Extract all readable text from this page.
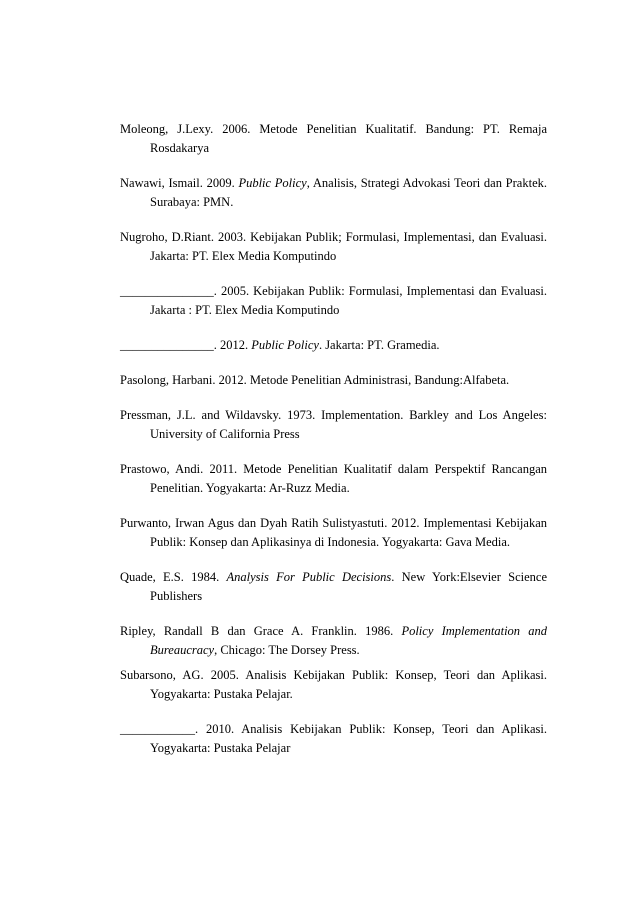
Moleong, J.Lexy. 2006. Metode Penelitian Kualitatif. Bandung: PT. Remaja Rosdakarya

Nawawi, Ismail. 2009. Public Policy, Analisis, Strategi Advokasi Teori dan Praktek. Surabaya: PMN.

Nugroho, D.Riant. 2003. Kebijakan Publik; Formulasi, Implementasi, dan Evaluasi. Jakarta: PT. Elex Media Komputindo

_______________. 2005. Kebijakan Publik: Formulasi, Implementasi dan Evaluasi. Jakarta : PT. Elex Media Komputindo

_______________. 2012. Public Policy. Jakarta: PT. Gramedia.

Pasolong, Harbani. 2012. Metode Penelitian Administrasi, Bandung:Alfabeta.

Pressman, J.L. and Wildavsky. 1973. Implementation. Barkley and Los Angeles: University of California Press

Prastowo, Andi. 2011. Metode Penelitian Kualitatif dalam Perspektif Rancangan Penelitian. Yogyakarta: Ar-Ruzz Media.

Purwanto, Irwan Agus dan Dyah Ratih Sulistyastuti. 2012. Implementasi Kebijakan Publik: Konsep dan Aplikasinya di Indonesia. Yogyakarta: Gava Media.

Quade, E.S. 1984. Analysis For Public Decisions. New York:Elsevier Science Publishers

Ripley, Randall B dan Grace A. Franklin. 1986. Policy Implementation and Bureaucracy, Chicago: The Dorsey Press.

Subarsono, AG. 2005. Analisis Kebijakan Publik: Konsep, Teori dan Aplikasi. Yogyakarta: Pustaka Pelajar.

____________. 2010. Analisis Kebijakan Publik: Konsep, Teori dan Aplikasi. Yogyakarta: Pustaka Pelajar
